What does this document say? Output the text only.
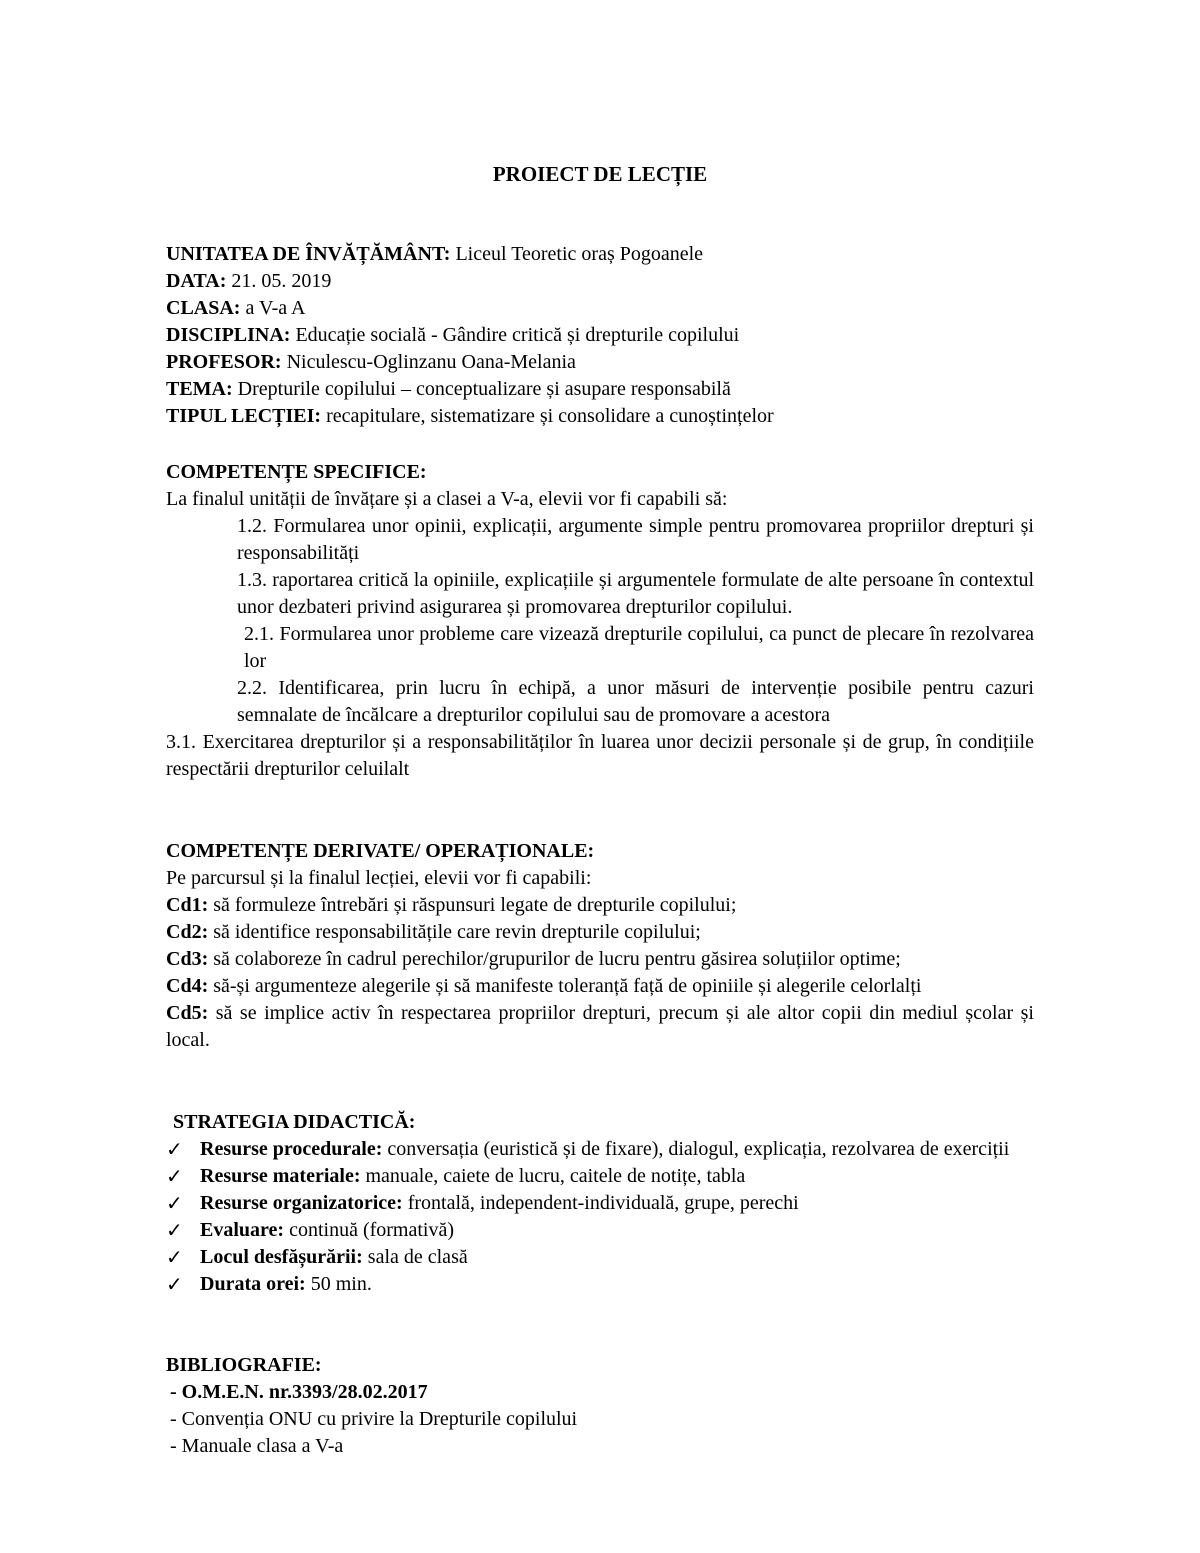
PROIECT DE LECȚIE
UNITATEA DE ÎNVĂȚĂMÂNT: Liceul Teoretic oraș Pogoanele
DATA: 21. 05. 2019
CLASA: a V-a A
DISCIPLINA: Educație socială - Gândire critică și drepturile copilului
PROFESOR: Niculescu-Oglinzanu Oana-Melania
TEMA: Drepturile copilului – conceptualizare și asupare responsabilă
TIPUL LECȚIEI: recapitulare, sistematizare și consolidare a cunoștințelor
COMPETENȚE SPECIFICE:
La finalul unității de învățare și a clasei a V-a, elevii vor fi capabili să:
1.2. Formularea unor opinii, explicații, argumente simple pentru promovarea propriilor drepturi și responsabilități
1.3. raportarea critică la opiniile, explicațiile și argumentele formulate de alte persoane în contextul unor dezbateri privind asigurarea și promovarea drepturilor copilului.
2.1. Formularea unor probleme care vizează drepturile copilului, ca punct de plecare în rezolvarea lor
2.2. Identificarea, prin lucru în echipă, a unor măsuri de intervenție posibile pentru cazuri semnalate de încălcare a drepturilor copilului sau de promovare a acestora
3.1. Exercitarea drepturilor și a responsabilităților în luarea unor decizii personale și de grup, în condițiile respectării drepturilor celuilalt
COMPETENȚE DERIVATE/ OPERAȚIONALE:
Pe parcursul și la finalul lecției, elevii vor fi capabili:
Cd1: să formuleze întrebări și răspunsuri legate de drepturile copilului;
Cd2: să identifice responsabilitățile care revin drepturile copilului;
Cd3: să colaboreze în cadrul perechilor/grupurilor de lucru pentru găsirea soluțiilor optime;
Cd4: să-și argumenteze alegerile și să manifeste toleranță față de opiniile și alegerile celorlalți
Cd5: să se implice activ în respectarea propriilor drepturi, precum și ale altor copii din mediul școlar și local.
STRATEGIA DIDACTICĂ:
✓ Resurse procedurale: conversația (euristică și de fixare), dialogul, explicația, rezolvarea de exerciții
✓ Resurse materiale: manuale, caiete de lucru, caitele de notițe, tabla
✓ Resurse organizatorice: frontală, independent-individuală, grupe, perechi
✓ Evaluare: continuă (formativă)
✓ Locul desfășurării: sala de clasă
✓ Durata orei: 50 min.
BIBLIOGRAFIE:
- O.M.E.N. nr.3393/28.02.2017
- Convenția ONU cu privire la Drepturile copilului
- Manuale clasa a V-a
